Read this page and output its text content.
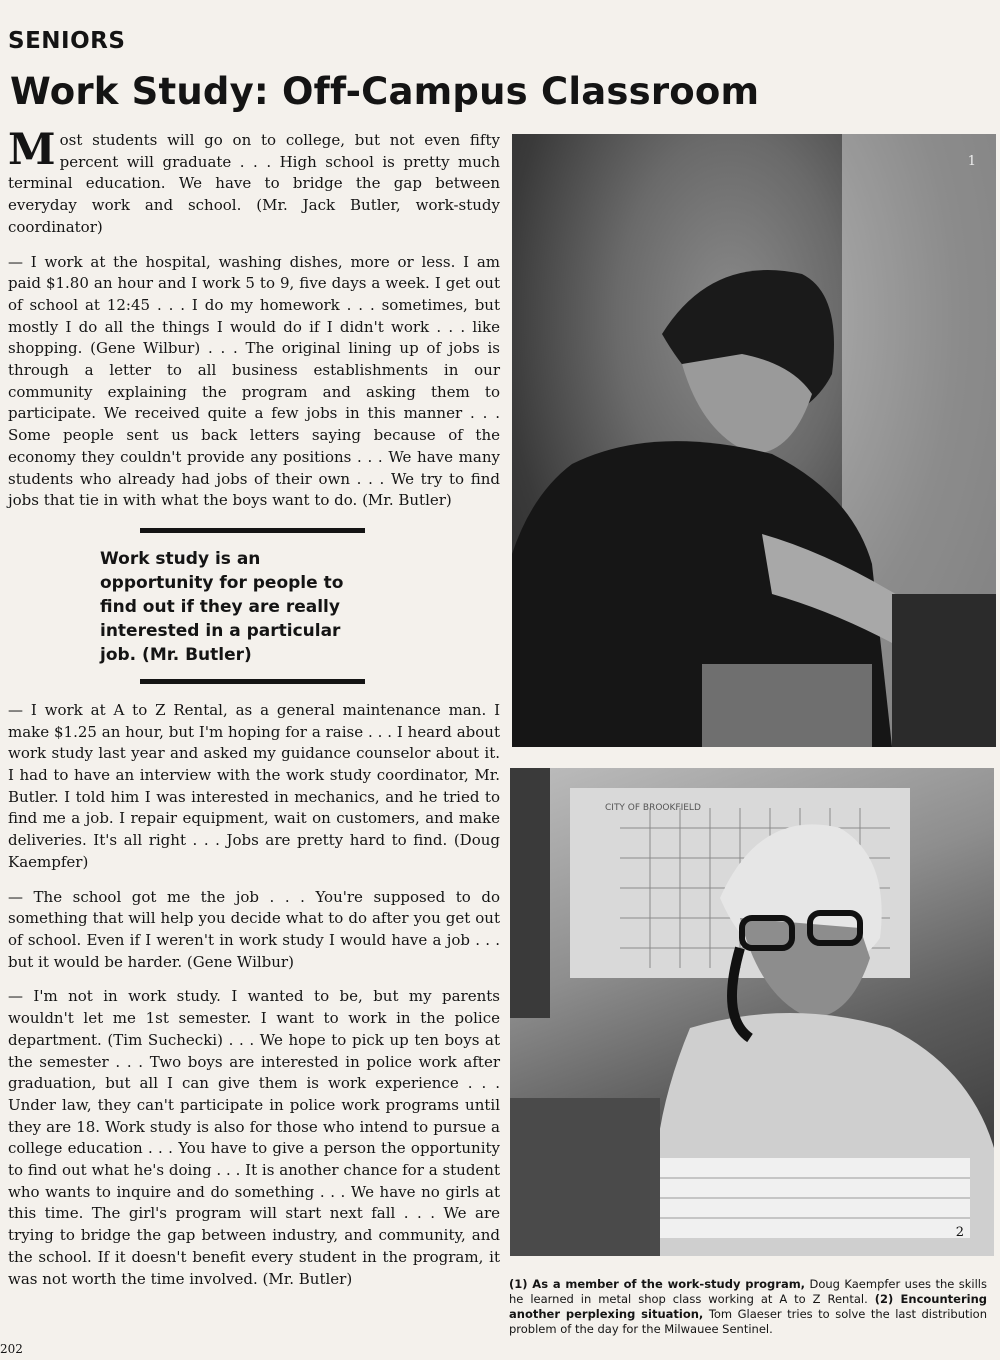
SENIORS
Work Study: Off-Campus Classroom

Most students will go on to college, but not even fifty percent will graduate . . . High school is pretty much terminal education. We have to bridge the gap between everyday work and school. (Mr. Jack Butler, work-study coordinator)

— I work at the hospital, washing dishes, more or less. I am paid $1.80 an hour and I work 5 to 9, five days a week. I get out of school at 12:45 . . . I do my homework . . . sometimes, but mostly I do all the things I would do if I didn't work . . . like shopping. (Gene Wilbur) . . . The original lining up of jobs is through a letter to all business establishments in our community explaining the program and asking them to participate. We received quite a few jobs in this manner . . . Some people sent us back letters saying because of the economy they couldn't provide any positions . . . We have many students who already had jobs of their own . . . We try to find jobs that tie in with what the boys want to do. (Mr. Butler)

Work study is an opportunity for people to find out if they are really interested in a particular job. (Mr. Butler)

— I work at A to Z Rental, as a general maintenance man. I make $1.25 an hour, but I'm hoping for a raise . . . I heard about work study last year and asked my guidance counselor about it. I had to have an interview with the work study coordinator, Mr. Butler. I told him I was interested in mechanics, and he tried to find me a job. I repair equipment, wait on customers, and make deliveries. It's all right . . . Jobs are pretty hard to find. (Doug Kaempfer)

— The school got me the job . . . You're supposed to do something that will help you decide what to do after you get out of school. Even if I weren't in work study I would have a job . . . but it would be harder. (Gene Wilbur)

— I'm not in work study. I wanted to be, but my parents wouldn't let me 1st semester. I want to work in the police department. (Tim Suchecki) . . . We hope to pick up ten boys at the semester . . . Two boys are interested in police work after graduation, but all I can give them is work experience . . . Under law, they can't participate in police work programs until they are 18. Work study is also for those who intend to pursue a college education . . . You have to give a person the opportunity to find out what he's doing . . . It is another chance for a student who wants to inquire and do something . . . We have no girls at this time. The girl's program will start next fall . . . We are trying to bridge the gap between industry, and community, and the school. If it doesn't benefit every student in the program, it was not worth the time involved. (Mr. Butler)

1
CITY OF BROOKFIELD
2

(1) As a member of the work-study program, Doug Kaempfer uses the skills he learned in metal shop class working at A to Z Rental. (2) Encountering another perplexing situation, Tom Glaeser tries to solve the last distribution problem of the day for the Milwauee Sentinel.

202
